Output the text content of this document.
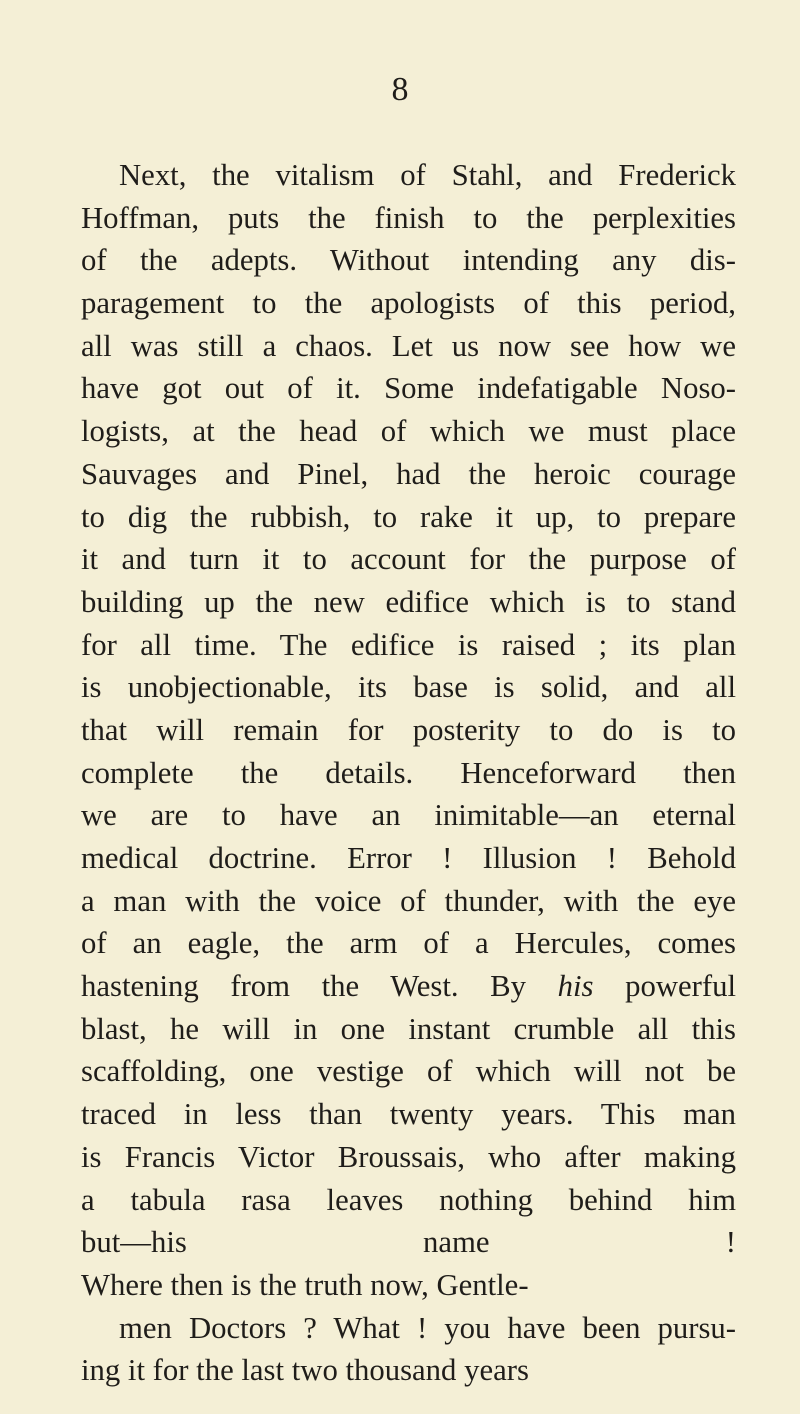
8
Next, the vitalism of Stahl, and Frederick
Hoffman, puts the finish to the perplexities
of the adepts. Without intending any dis-
paragement to the apologists of this period,
all was still a chaos. Let us now see how we
have got out of it. Some indefatigable Noso-
logists, at the head of which we must place
Sauvages and Pinel, had the heroic courage
to dig the rubbish, to rake it up, to prepare
it and turn it to account for the purpose of
building up the new edifice which is to stand
for all time. The edifice is raised ; its plan
is unobjectionable, its base is solid, and all
that will remain for posterity to do is to
complete the details. Henceforward then
we are to have an inimitable—an eternal
medical doctrine. Error ! Illusion ! Behold
a man with the voice of thunder, with the eye
of an eagle, the arm of a Hercules, comes
hastening from the West. By his powerful
blast, he will in one instant crumble all this
scaffolding, one vestige of which will not be
traced in less than twenty years. This man
is Francis Victor Broussais, who after making
a tabula rasa leaves nothing behind him
but—his name !
Where then is the truth now, Gentle-
men Doctors ? What ! you have been pursu-
ing it for the last two thousand years
